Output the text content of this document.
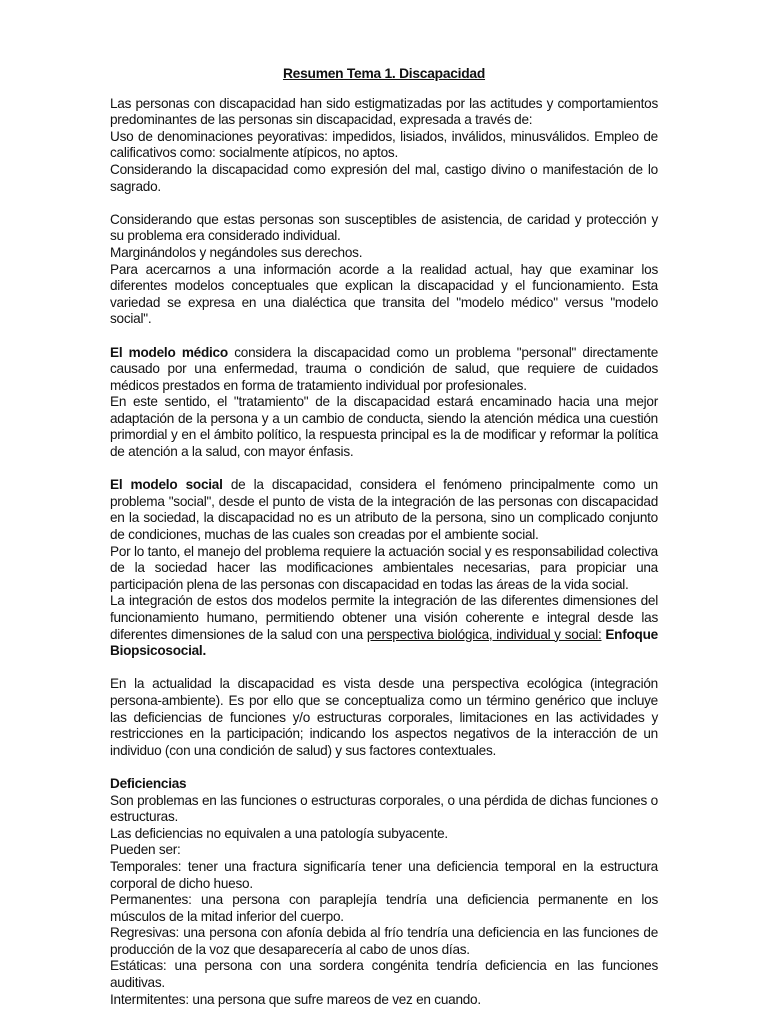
Resumen Tema 1. Discapacidad

Las personas con discapacidad han sido estigmatizadas por las actitudes y comportamientos predominantes de las personas sin discapacidad, expresada a través de:

Uso de denominaciones peyorativas: impedidos, lisiados, inválidos, minusválidos. Empleo de calificativos como: socialmente atípicos, no aptos.

Considerando la discapacidad como expresión del mal, castigo divino o manifestación de lo sagrado.

Considerando que estas personas son susceptibles de asistencia, de caridad y protección y su problema era considerado individual.

Marginándolos y negándoles sus derechos.

Para acercarnos a una información acorde a la realidad actual, hay que examinar los diferentes modelos conceptuales que explican la discapacidad y el funcionamiento. Esta variedad se expresa en una dialéctica que transita del "modelo médico" versus "modelo social".

El modelo médico considera la discapacidad como un problema "personal" directamente causado por una enfermedad, trauma o condición de salud, que requiere de cuidados médicos prestados en forma de tratamiento individual por profesionales.

En este sentido, el "tratamiento" de la discapacidad estará encaminado hacia una mejor adaptación de la persona y a un cambio de conducta, siendo la atención médica una cuestión primordial y en el ámbito político, la respuesta principal es la de modificar y reformar la política de atención a la salud, con mayor énfasis.

El modelo social de la discapacidad, considera el fenómeno principalmente como un problema "social", desde el punto de vista de la integración de las personas con discapacidad en la sociedad, la discapacidad no es un atributo de la persona, sino un complicado conjunto de condiciones, muchas de las cuales son creadas por el ambiente social.

Por lo tanto, el manejo del problema requiere la actuación social y es responsabilidad colectiva de la sociedad hacer las modificaciones ambientales necesarias, para propiciar una participación plena de las personas con discapacidad en todas las áreas de la vida social.

La integración de estos dos modelos permite la integración de las diferentes dimensiones del funcionamiento humano, permitiendo obtener una visión coherente e integral desde las diferentes dimensiones de la salud con una perspectiva biológica, individual y social: Enfoque Biopsicosocial.

En la actualidad la discapacidad es vista desde una perspectiva ecológica (integración persona-ambiente). Es por ello que se conceptualiza como un término genérico que incluye las deficiencias de funciones y/o estructuras corporales, limitaciones en las actividades y restricciones en la participación; indicando los aspectos negativos de la interacción de un individuo (con una condición de salud) y sus factores contextuales.

Deficiencias

Son problemas en las funciones o estructuras corporales, o una pérdida de dichas funciones o estructuras.

Las deficiencias no equivalen a una patología subyacente.

Pueden ser:

Temporales: tener una fractura significaría tener una deficiencia temporal en la estructura corporal de dicho hueso.

Permanentes: una persona con paraplejía tendría una deficiencia permanente en los músculos de la mitad inferior del cuerpo.

Regresivas: una persona con afonía debida al frío tendría una deficiencia en las funciones de producción de la voz que desaparecería al cabo de unos días.

Estáticas: una persona con una sordera congénita tendría deficiencia en las funciones auditivas.

Intermitentes: una persona que sufre mareos de vez en cuando.
